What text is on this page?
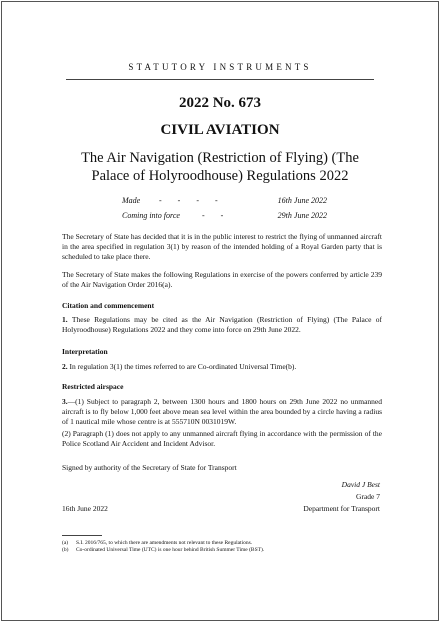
STATUTORY INSTRUMENTS
2022 No. 673
CIVIL AVIATION
The Air Navigation (Restriction of Flying) (The Palace of Holyroodhouse) Regulations 2022
Made - - - -	16th June 2022
Coming into force	- -	29th June 2022
The Secretary of State has decided that it is in the public interest to restrict the flying of unmanned aircraft in the area specified in regulation 3(1) by reason of the intended holding of a Royal Garden party that is scheduled to take place there.
The Secretary of State makes the following Regulations in exercise of the powers conferred by article 239 of the Air Navigation Order 2016(a).
Citation and commencement
1. These Regulations may be cited as the Air Navigation (Restriction of Flying) (The Palace of Holyroodhouse) Regulations 2022 and they come into force on 29th June 2022.
Interpretation
2. In regulation 3(1) the times referred to are Co-ordinated Universal Time(b).
Restricted airspace
3.—(1) Subject to paragraph 2, between 1300 hours and 1800 hours on 29th June 2022 no unmanned aircraft is to fly below 1,000 feet above mean sea level within the area bounded by a circle having a radius of 1 nautical mile whose centre is at 555710N 0031019W.
(2) Paragraph (1) does not apply to any unmanned aircraft flying in accordance with the permission of the Police Scotland Air Accident and Incident Advisor.
Signed by authority of the Secretary of State for Transport
David J Best
Grade 7
16th June 2022	Department for Transport
(a) S.I. 2016/765, to which there are amendments not relevant to these Regulations.
(b) Co-ordinated Universal Time (UTC) is one hour behind British Summer Time (BST).
